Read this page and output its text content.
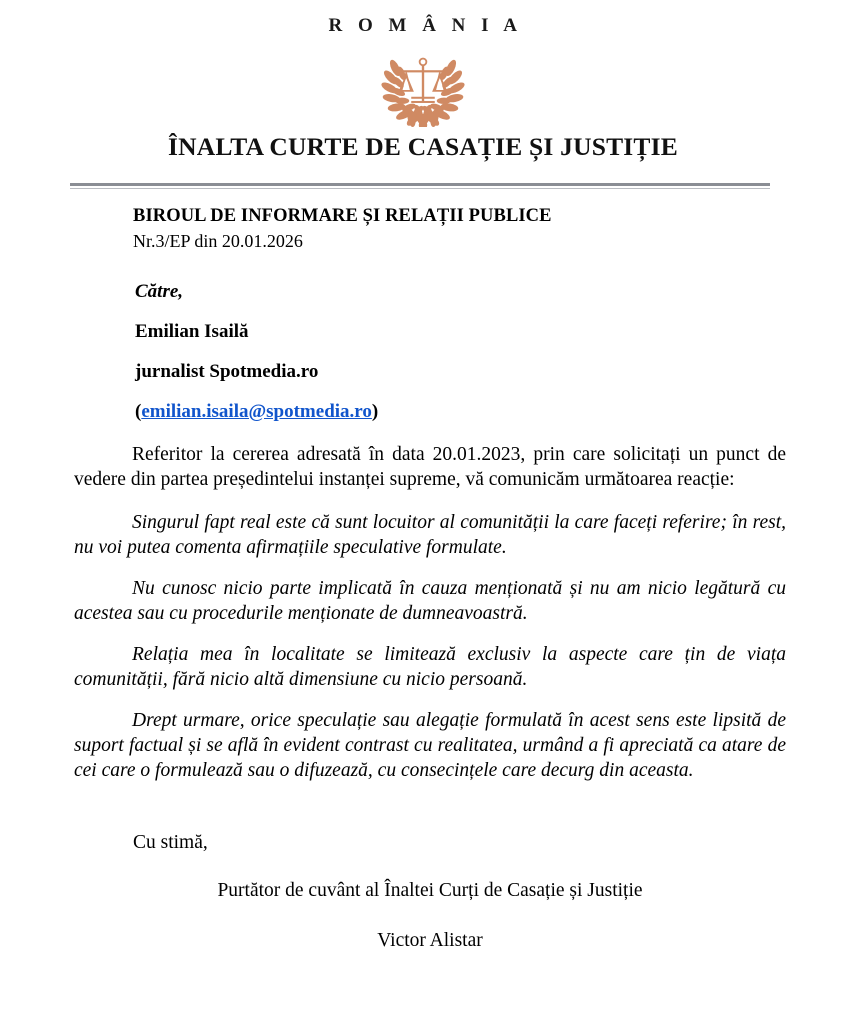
R O M Â N I A
ÎNALTA CURTE DE CASAȚIE ȘI JUSTIȚIE
BIROUL DE INFORMARE ȘI RELAȚII PUBLICE
Nr.3/EP din 20.01.2026
Către,
Emilian Isailă
jurnalist Spotmedia.ro
(emilian.isaila@spotmedia.ro)

Referitor la cererea adresată în data 20.01.2023, prin care solicitați un punct de vedere din partea președintelui instanței supreme, vă comunicăm următoarea reacție:

Singurul fapt real este că sunt locuitor al comunității la care faceți referire; în rest, nu voi putea comenta afirmațiile speculative formulate.

Nu cunosc nicio parte implicată în cauza menționată și nu am nicio legătură cu acestea sau cu procedurile menționate de dumneavoastră.

Relația mea în localitate se limitează exclusiv la aspecte care țin de viața comunității, fără nicio altă dimensiune cu nicio persoană.

Drept urmare, orice speculație sau alegație formulată în acest sens este lipsită de suport factual și se află în evident contrast cu realitatea, urmând a fi apreciată ca atare de cei care o formulează sau o difuzează, cu consecințele care decurg din aceasta.

Cu stimă,
Purtător de cuvânt al Înaltei Curți de Casație și Justiție
Victor Alistar
